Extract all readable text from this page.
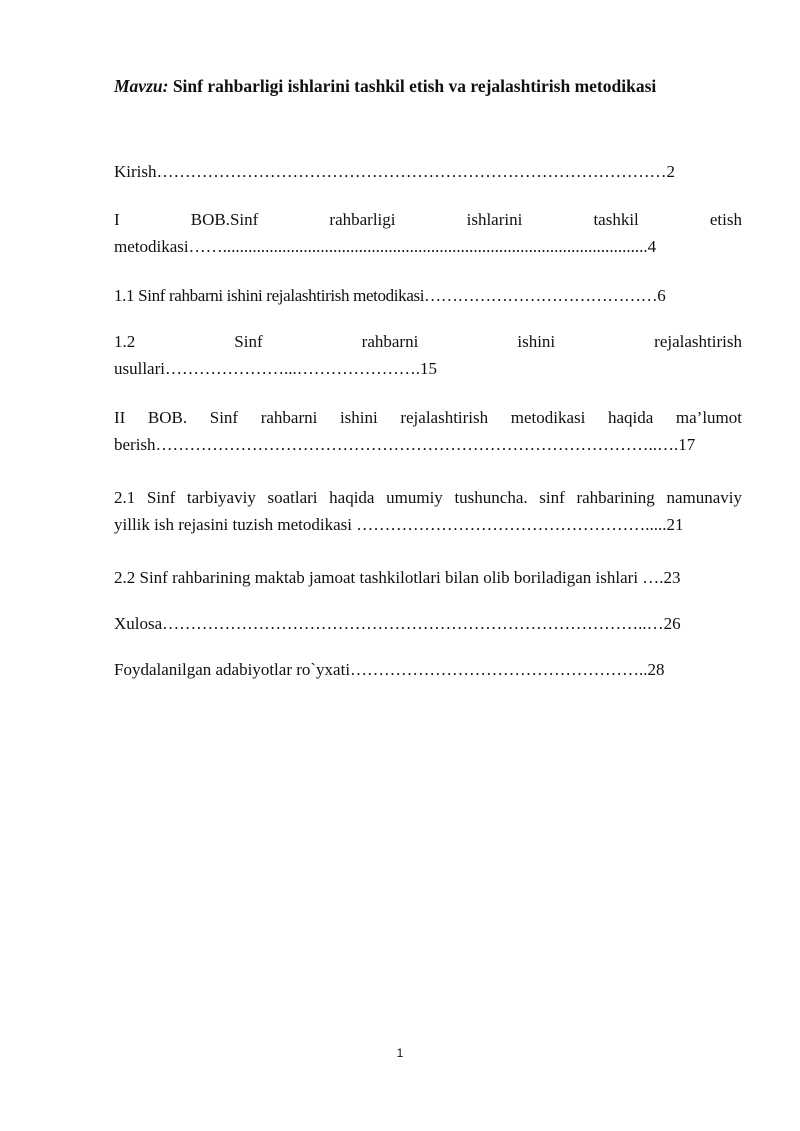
Mavzu: Sinf rahbarligi ishlarini tashkil etish va rejalashtirish metodikasi
Kirish………………………………………………………………………………2
I BOB.Sinf rahbarligi ishlarini tashkil etish
metodikasi……....................................................................................................4
1.1 Sinf rahbarni ishini rejalashtirish metodikasi……………………………………6
1.2 Sinf rahbarni ishini rejalashtirish
usullari…………………...………………….15
II BOB. Sinf rahbarni ishini rejalashtirish metodikasi haqida ma’lumot
berish……………………………………………………………………………..….17
2.1 Sinf tarbiyaviy soatlari haqida umumiy tushuncha. sinf rahbarining namunaviy
yillik ish rejasini tuzish metodikasi …………………………………………….....21
2.2 Sinf rahbarining maktab jamoat tashkilotlari bilan olib boriladigan ishlari ….23
Xulosa…………………………………………………………………………..…26
Foydalanilgan adabiyotlar ro`yxati……………………………………………..28
1
